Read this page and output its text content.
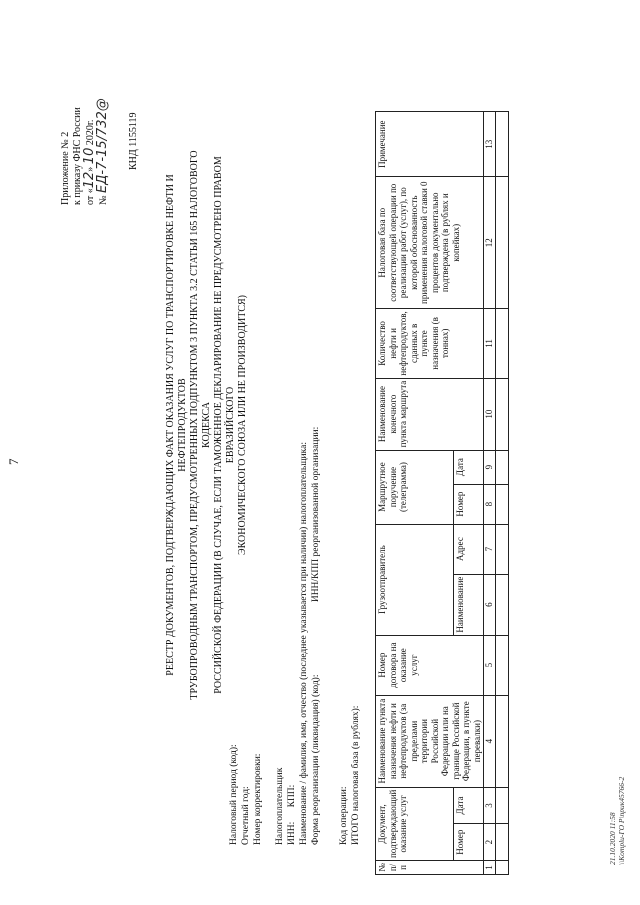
7
Приложение № 2 к приказу ФНС России от «12» 10 2020г.
№ ЕД-7-15/732@ КНД 1155119
РЕЕСТР ДОКУМЕНТОВ, ПОДТВЕРЖДАЮЩИХ ФАКТ ОКАЗАНИЯ УСЛУГ ПО ТРАНСПОРТИРОВКЕ НЕФТИ И НЕФТЕПРОДУКТОВ ТРУБОПРОВОДНЫМ ТРАНСПОРТОМ, ПРЕДУСМОТРЕННЫХ ПОДПУНКТОМ 3 ПУНКТА 3.2 СТАТЬИ 165 НАЛОГОВОГО КОДЕКСА РОССИЙСКОЙ ФЕДЕРАЦИИ (В СЛУЧАЕ, ЕСЛИ ТАМОЖЕННОЕ ДЕКЛАРИРОВАНИЕ НЕ ПРЕДУСМОТРЕНО ПРАВОМ ЕВРАЗИЙСКОГО ЭКОНОМИЧЕСКОГО СОЮЗА ИЛИ НЕ ПРОИЗВОДИТСЯ)
Налоговый период (код): Отчетный год: Номер корректировки: Налогоплательщик ИНН: КПП: Наименование / фамилия, имя, отчество (последнее указывается при наличии) налогоплательщика: Форма реорганизации (ликвидация) (код): ИНН/КПП реорганизованной организации:
Код операции: ИТОГО налоговая база (в рублях):
№ п/п	Документ, подтверждающий оказание услуг		Наименование пункта назначения нефти и нефтепродуктов (за пределами территории Российской Федерации или на границе Российской Федерации, в пункте перевалки)	Номер договора на оказание услуг	Грузоотправитель		Маршрутное поручение (телеграмма)		Наименование конечного пункта маршрута	Количество нефти и нефтепродуктов, сданных в пункте назначения (в тоннах)	Налоговая база по соответствующей операции по реализации работ (услуг), по которой обоснованность применения налоговой ставки 0 процентов документально подтверждена (в рублях и копейках)	Примечание
	Номер	Дата			Наименование	Адрес	Номер	Дата				
1	2	3	4	5	6	7	8	9	10	11	12	13

21.10.2020 11:58 \\Komplu-ГО Р\прик45766-2
